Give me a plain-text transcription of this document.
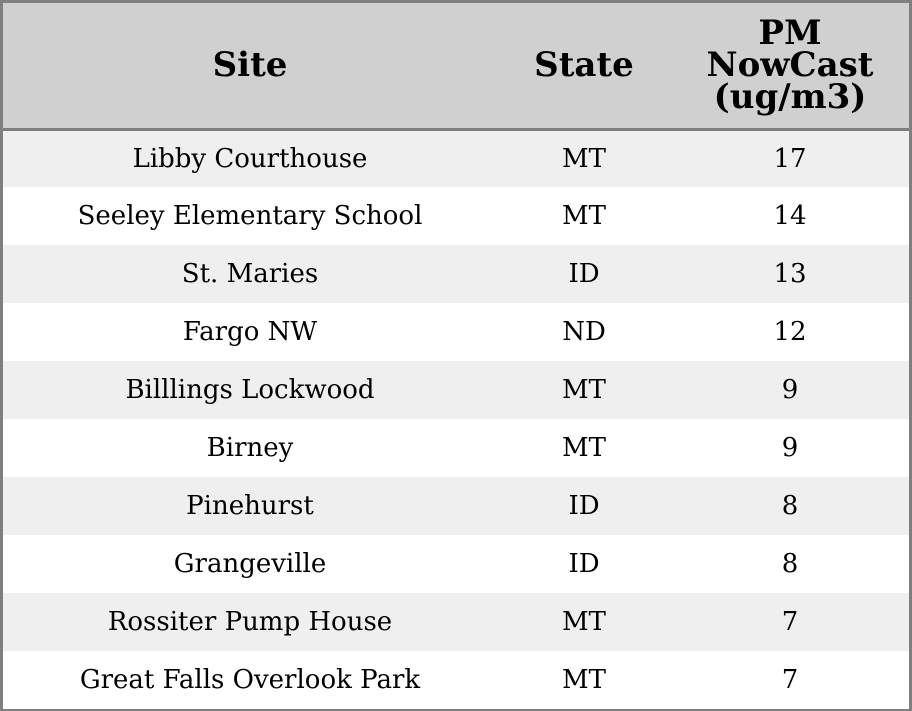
Site	State	PM
NowCast
(ug/m3)

Libby Courthouse	MT	17
Seeley Elementary School	MT	14
St. Maries	ID	13
Fargo NW	ND	12
Billlings Lockwood	MT	9
Birney	MT	9
Pinehurst	ID	8
Grangeville	ID	8
Rossiter Pump House	MT	7
Great Falls Overlook Park	MT	7
